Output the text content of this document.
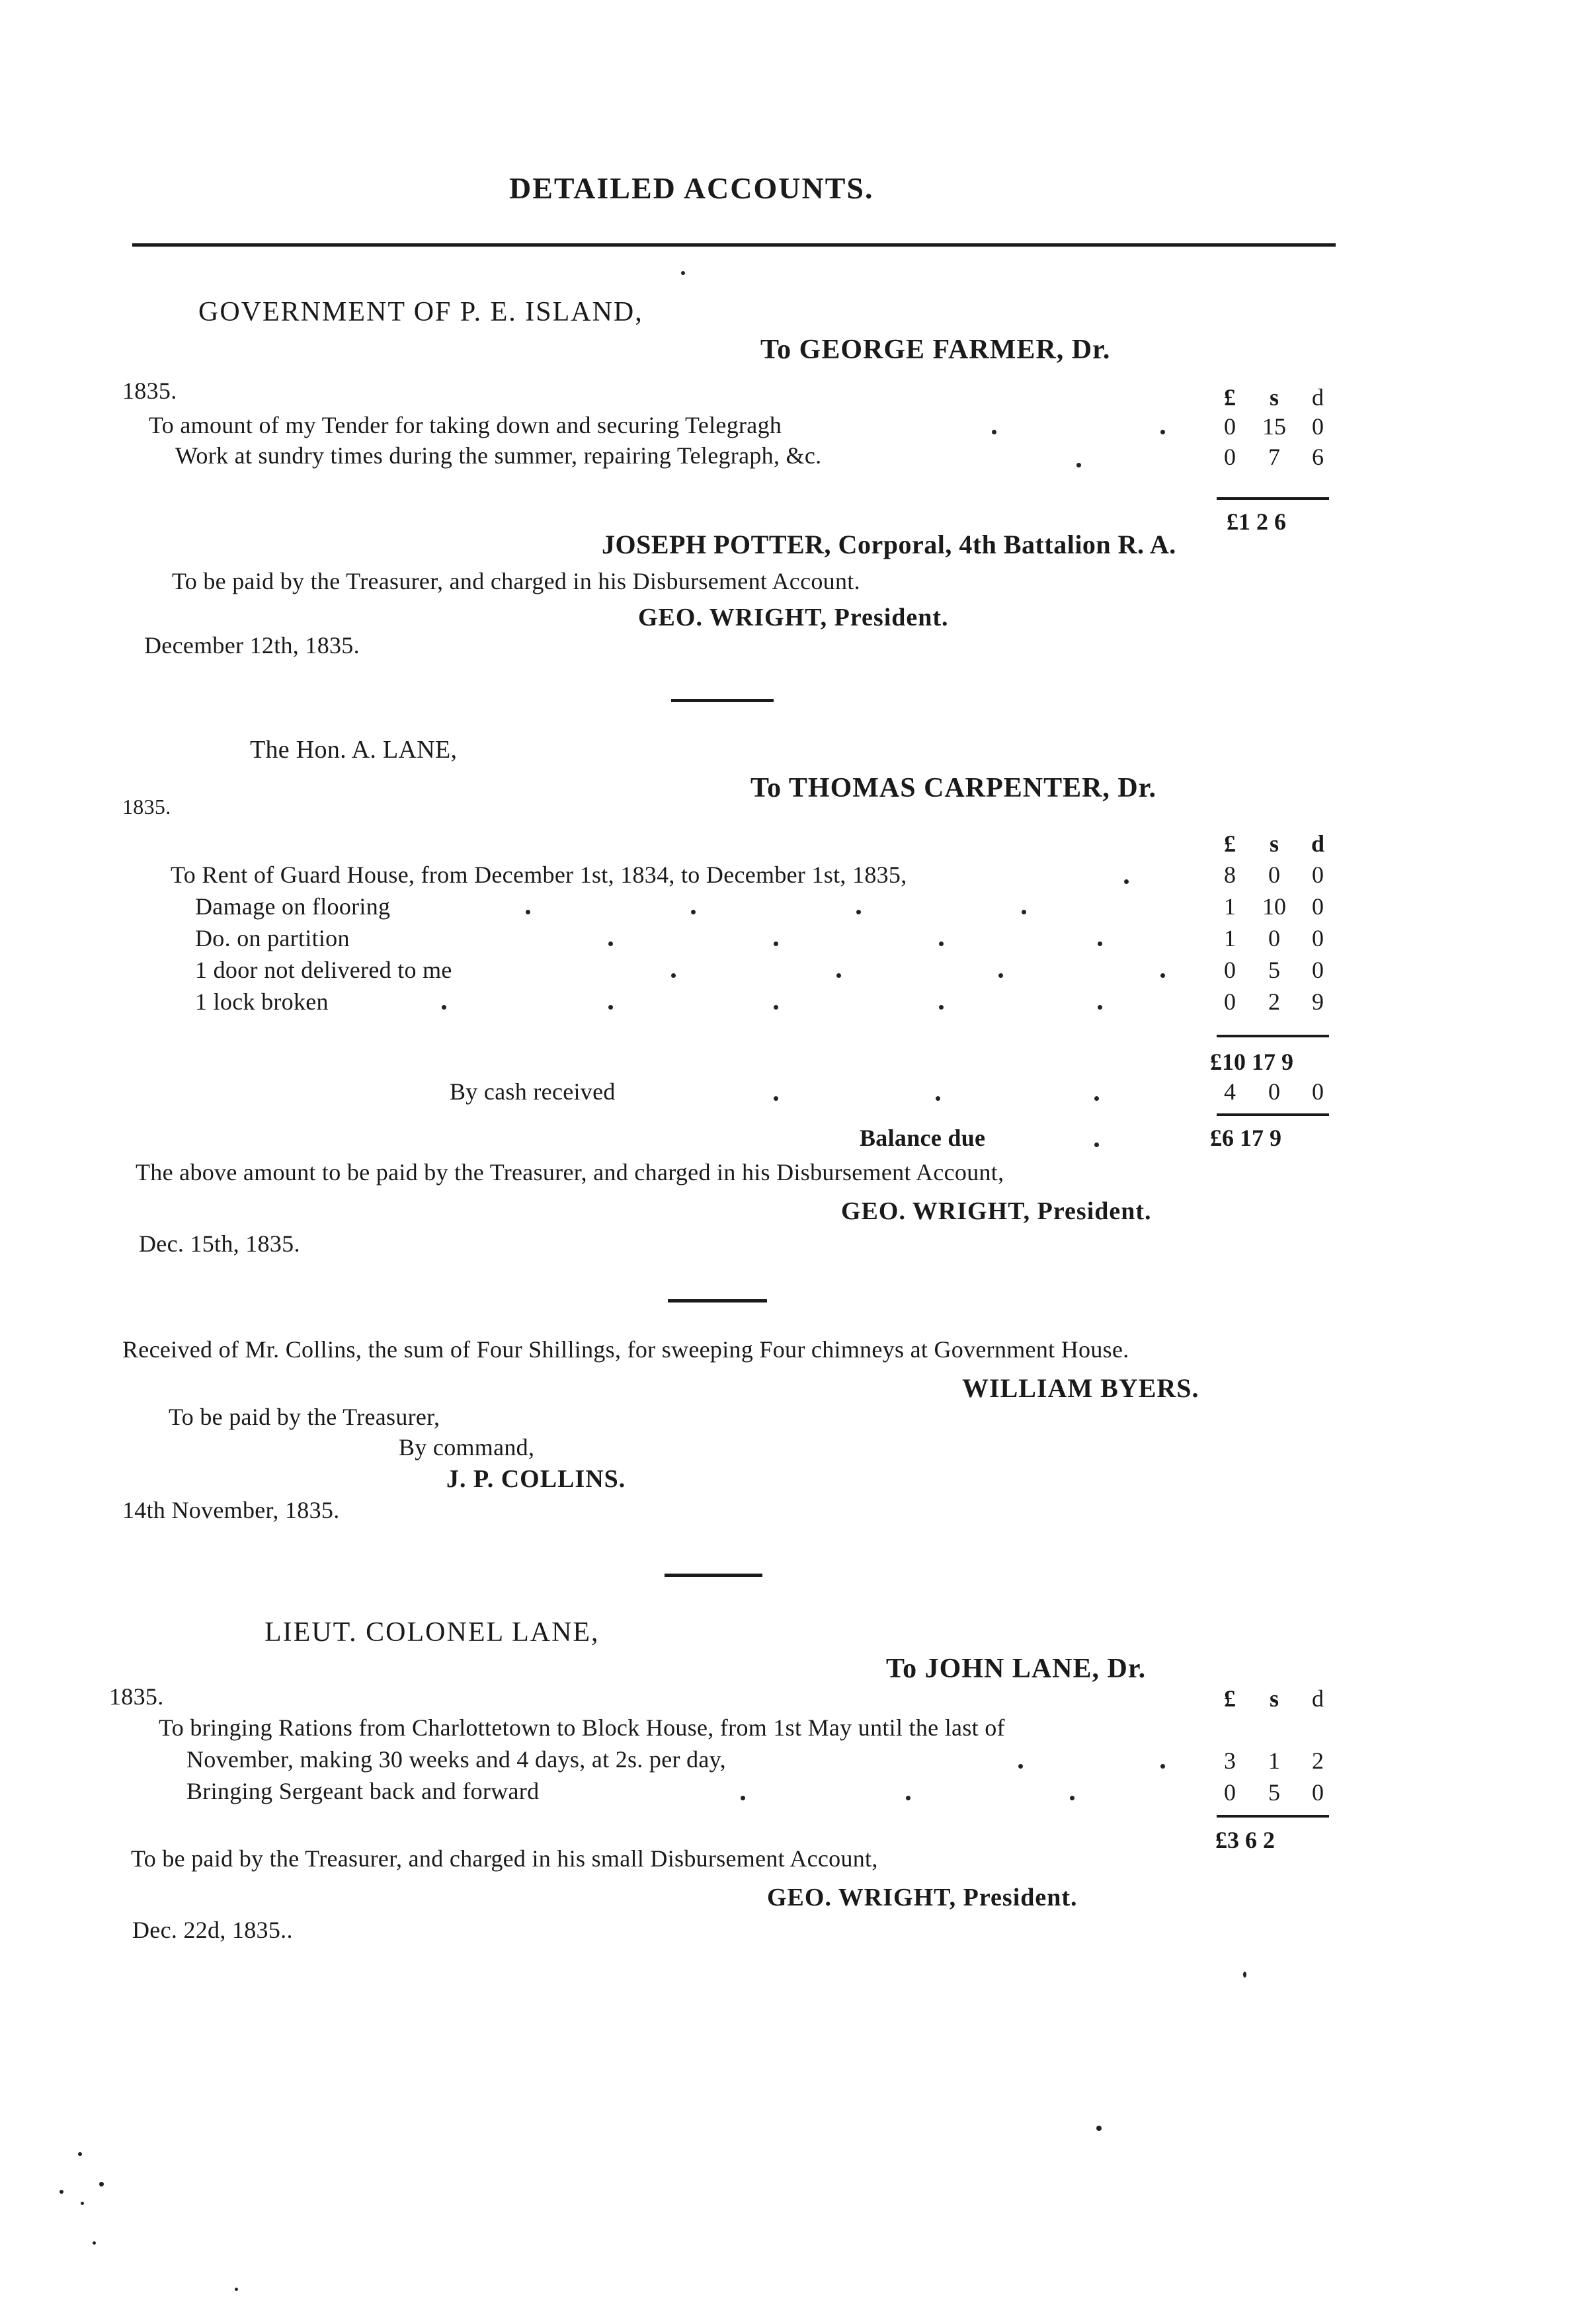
DETAILED ACCOUNTS.
GOVERNMENT OF P. E. ISLAND,
To GEORGE FARMER, Dr.
1835.	£	s	d
To amount of my Tender for taking down and securing Telegragh	0	15	0
Work at sundry times during the summer, repairing Telegraph, &c.	0	7	6
£1 2 6
JOSEPH POTTER, Corporal, 4th Battalion R. A.
To be paid by the Treasurer, and charged in his Disbursement Account.
GEO. WRIGHT, President.
December 12th, 1835.
The Hon. A. LANE,
To THOMAS CARPENTER, Dr.
1835.
£	s	d
To Rent of Guard House, from December 1st, 1834, to December 1st, 1835,	8	0	0
Damage on flooring	1	10	0
Do. on partition	1	0	0
1 door not delivered to me	0	5	0
1 lock broken	0	2	9
£10 17 9
By cash received	4	0	0
Balance due	£6 17 9
The above amount to be paid by the Treasurer, and charged in his Disbursement Account,
GEO. WRIGHT, President.
Dec. 15th, 1835.
Received of Mr. Collins, the sum of Four Shillings, for sweeping Four chimneys at Government House.
WILLIAM BYERS.
To be paid by the Treasurer,
By command,
J. P. COLLINS.
14th November, 1835.
LIEUT. COLONEL LANE,
To JOHN LANE, Dr.
1835.	£	s	d
To bringing Rations from Charlottetown to Block House, from 1st May until the last of
November, making 30 weeks and 4 days, at 2s. per day,	3	1	2
Bringing Sergeant back and forward	0	5	0
£3 6 2
To be paid by the Treasurer, and charged in his small Disbursement Account,
GEO. WRIGHT, President.
Dec. 22d, 1835..
